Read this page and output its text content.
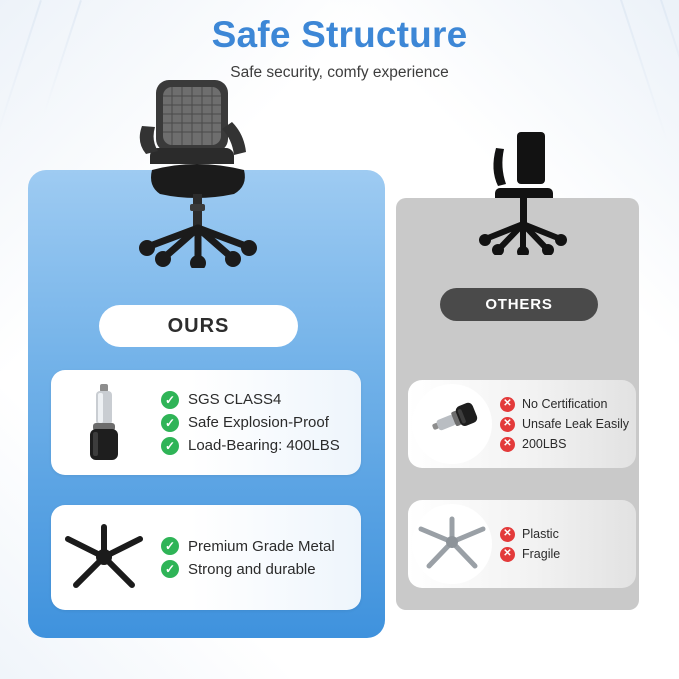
Safe Structure
Safe security, comfy experience
OURS
✓ SGS CLASS4
✓ Safe Explosion-Proof
✓ Load-Bearing: 400LBS
✓ Premium Grade Metal
✓ Strong and durable
OTHERS
✕ No Certification
✕ Unsafe Leak Easily
✕ 200LBS
✕ Plastic
✕ Fragile
